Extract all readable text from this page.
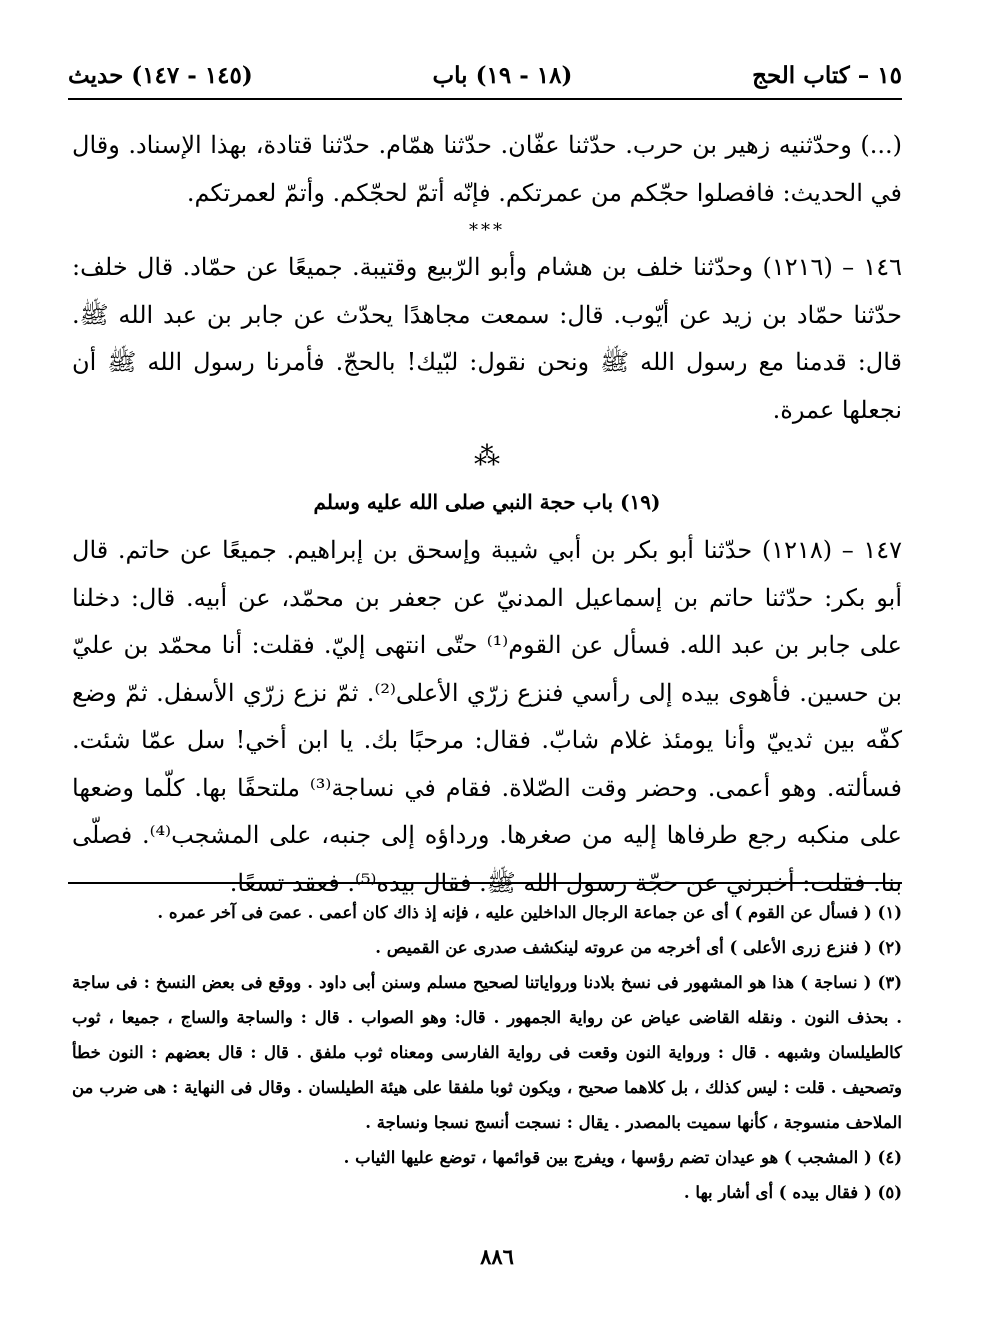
١٥ – كتاب الحج
(١٨ - ١٩) باب
(١٤٥ - ١٤٧) حديث

(...) وحدّثنيه زهير بن حرب. حدّثنا عفّان. حدّثنا همّام. حدّثنا قتادة، بهذا الإسناد. وقال في الحديث: فافصلوا حجّكم من عمرتكم. فإنّه أتمّ لحجّكم. وأتمّ لعمرتكم.

***

١٤٦ – (١٢١٦) وحدّثنا خلف بن هشام وأبو الرّبيع وقتيبة. جميعًا عن حمّاد. قال خلف: حدّثنا حمّاد بن زيد عن أيّوب. قال: سمعت مجاهدًا يحدّث عن جابر بن عبد الله ﷺ. قال: قدمنا مع رسول الله ﷺ ونحن نقول: لبّيك! بالحجّ. فأمرنا رسول الله ﷺ أن نجعلها عمرة.

⁂
(١٩) باب حجة النبي صلى الله عليه وسلم

١٤٧ – (١٢١٨) حدّثنا أبو بكر بن أبي شيبة وإسحق بن إبراهيم. جميعًا عن حاتم. قال أبو بكر: حدّثنا حاتم بن إسماعيل المدنيّ عن جعفر بن محمّد، عن أبيه. قال: دخلنا على جابر بن عبد الله. فسأل عن القوم⁽¹⁾ حتّى انتهى إليّ. فقلت: أنا محمّد بن عليّ بن حسين. فأهوى بيده إلى رأسي فنزع زرّي الأعلى⁽²⁾. ثمّ نزع زرّي الأسفل. ثمّ وضع كفّه بين ثدييّ وأنا يومئذ غلام شابّ. فقال: مرحبًا بك. يا ابن أخي! سل عمّا شئت. فسألته. وهو أعمى. وحضر وقت الصّلاة. فقام في نساجة⁽³⁾ ملتحفًا بها. كلّما وضعها على منكبه رجع طرفاها إليه من صغرها. ورداؤه إلى جنبه، على المشجب⁽⁴⁾. فصلّى بنا. فقلت: أخبرني عن حجّة رسول الله ﷺ. فقال بيده⁽⁵⁾. فعقد تسعًا.

(١) ( فسأل عن القوم ) أى عن جماعة الرجال الداخلين عليه ، فإنه إذ ذاك كان أعمى . عمىَ فى آخر عمره .

(٢) ( فنزع زرى الأعلى ) أى أخرجه من عروته لينكشف صدرى عن القميص .

(٣) ( نساجة ) هذا هو المشهور فى نسخ بلادنا ورواياتنا لصحيح مسلم وسنن أبى داود . ووقع فى بعض النسخ : فى ساجة . بحذف النون . ونقله القاضى عياض عن رواية الجمهور . قال: وهو الصواب . قال : والساجة والساج ، جميعا ، ثوب كالطيلسان وشبهه . قال : ورواية النون وقعت فى رواية الفارسى ومعناه ثوب ملفق . قال : قال بعضهم : النون خطأ وتصحيف . قلت : ليس كذلك ، بل كلاهما صحيح ، ويكون ثوبا ملفقا على هيئة الطيلسان . وقال فى النهاية : هى ضرب من الملاحف منسوجة ، كأنها سميت بالمصدر . يقال : نسجت أنسج نسجا ونساجة .

(٤) ( المشجب ) هو عيدان تضم رؤسها ، ويفرج بين قوائمها ، توضع عليها الثياب .

(٥) ( فقال بيده ) أى أشار بها .

٨٨٦
